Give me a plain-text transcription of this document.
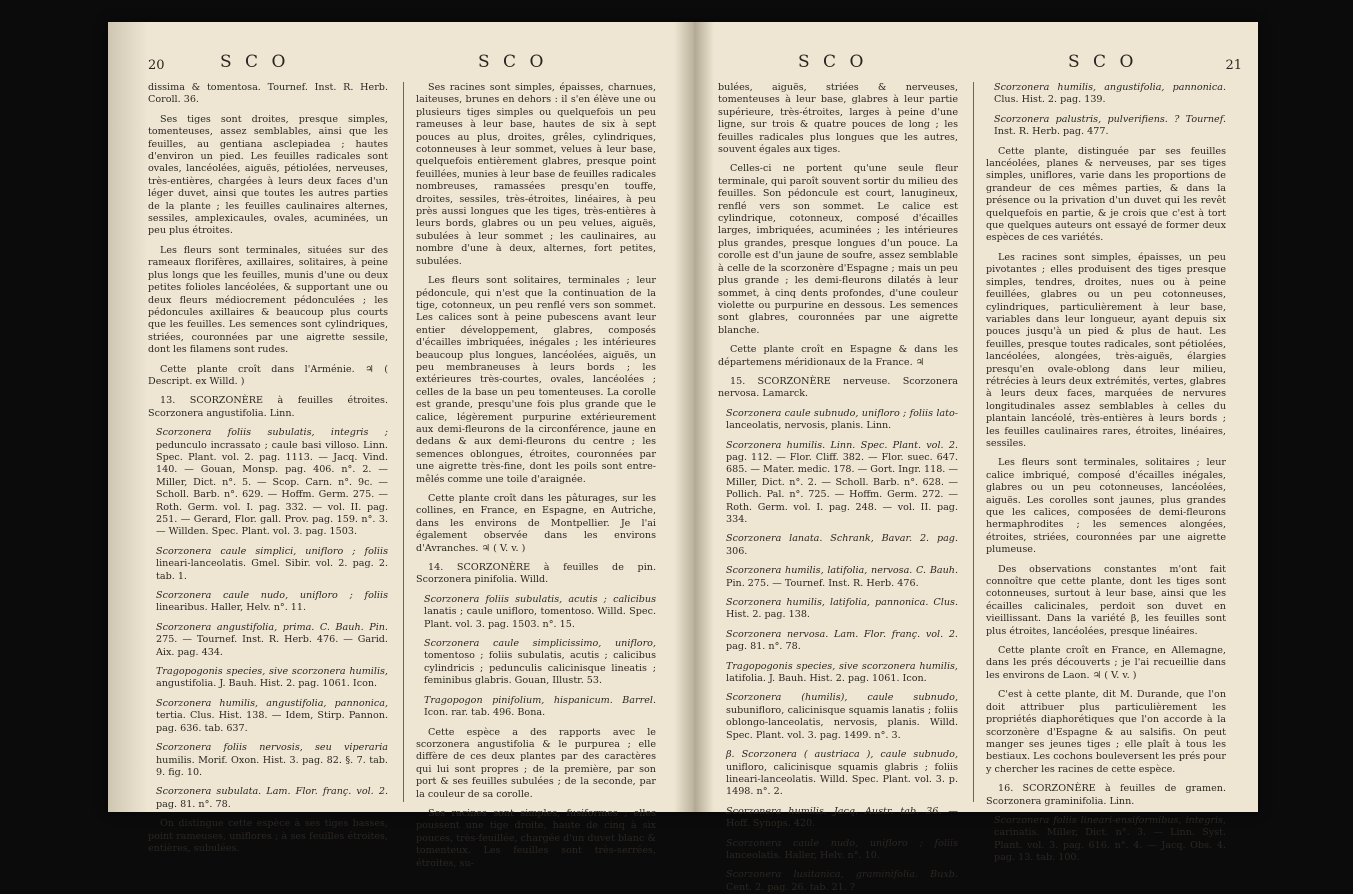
20	S C O	S C O

dissima & tomentosa. Tournef. Inst. R. Herb. Coroll. 36.

Ses tiges sont droites, presque simples, tomenteuses, assez semblables, ainsi que les feuilles, au gentiana asclepiadea ; hautes d'environ un pied. Les feuilles radicales sont ovales, lancéolées, aiguës, pétiolées, nerveuses, très-entières, chargées à leurs deux faces d'un léger duvet, ainsi que toutes les autres parties de la plante ; les feuilles caulinaires alternes, sessiles, amplexicaules, ovales, acuminées, un peu plus étroites.

Les fleurs sont terminales, situées sur des rameaux florifères, axillaires, solitaires, à peine plus longs que les feuilles, munis d'une ou deux petites folioles lancéolées, & supportant une ou deux fleurs médiocrement pédonculées ; les pédoncules axillaires & beaucoup plus courts que les feuilles. Les semences sont cylindriques, striées, couronnées par une aigrette sessile, dont les filamens sont rudes.

Cette plante croît dans l'Arménie. ♃ ( Descript. ex Willd. )

13. SCORZONÈRE à feuilles étroites. Scorzonera angustifolia. Linn.

Scorzonera foliis subulatis, integris ; pedunculo incrassato ; caule basi villoso. Linn. Spec. Plant. vol. 2. pag. 1113. — Jacq. Vind. 140. — Gouan, Monsp. pag. 406. n°. 2. — Miller, Dict. n°. 5. — Scop. Carn. n°. 9c. — Scholl. Barb. n°. 629. — Hoffm. Germ. 275. — Roth. Germ. vol. I. pag. 332. — vol. II. pag. 251. — Gerard, Flor. gall. Prov. pag. 159. n°. 3. — Willden. Spec. Plant. vol. 3. pag. 1503.

Scorzonera caule simplici, unifloro ; foliis lineari-lanceolatis. Gmel. Sibir. vol. 2. pag. 2. tab. 1.

Scorzonera caule nudo, unifloro ; foliis linearibus. Haller, Helv. n°. 11.

Scorzonera angustifolia, prima. C. Bauh. Pin. 275. — Tournef. Inst. R. Herb. 476. — Garid. Aix. pag. 434.

Tragopogonis species, sive scorzonera humilis, angustifolia. J. Bauh. Hist. 2. pag. 1061. Icon.

Scorzonera humilis, angustifolia, pannonica, tertia. Clus. Hist. 138. — Idem, Stirp. Pannon. pag. 636. tab. 637.

Scorzonera foliis nervosis, seu viperaria humilis. Morif. Oxon. Hist. 3. pag. 82. §. 7. tab. 9. fig. 10.

Scorzonera subulata. Lam. Flor. franç. vol. 2. pag. 81. n°. 78.

On distingue cette espèce à ses tiges basses, point rameuses, uniflores ; à ses feuilles étroites, entières, subulées.

Ses racines sont simples, épaisses, charnues, laiteuses, brunes en dehors : il s'en élève une ou plusieurs tiges simples ou quelquefois un peu rameuses à leur base, hautes de six à sept pouces au plus, droites, grêles, cylindriques, cotonneuses à leur sommet, velues à leur base, quelquefois entièrement glabres, presque point feuillées, munies à leur base de feuilles radicales nombreuses, ramassées presqu'en touffe, droites, sessiles, très-étroites, linéaires, à peu près aussi longues que les tiges, très-entières à leurs bords, glabres ou un peu velues, aiguës, subulées à leur sommet ; les caulinaires, au nombre d'une à deux, alternes, fort petites, subulées.

Les fleurs sont solitaires, terminales ; leur pédoncule, qui n'est que la continuation de la tige, cotonneux, un peu renflé vers son sommet. Les calices sont à peine pubescens avant leur entier développement, glabres, composés d'écailles imbriquées, inégales ; les intérieures beaucoup plus longues, lancéolées, aiguës, un peu membraneuses à leurs bords ; les extérieures très-courtes, ovales, lancéolées ; celles de la base un peu tomenteuses. La corolle est grande, presqu'une fois plus grande que le calice, légèrement purpurine extérieurement aux demi-fleurons de la circonférence, jaune en dedans & aux demi-fleurons du centre ; les semences oblongues, étroites, couronnées par une aigrette très-fine, dont les poils sont entre-mêlés comme une toile d'araignée.

Cette plante croît dans les pâturages, sur les collines, en France, en Espagne, en Autriche, dans les environs de Montpellier. Je l'ai également observée dans les environs d'Avranches. ♃ ( V. v. )

14. SCORZONÈRE à feuilles de pin. Scorzonera pinifolia. Willd.

Scorzonera foliis subulatis, acutis ; calicibus lanatis ; caule unifloro, tomentoso. Willd. Spec. Plant. vol. 3. pag. 1503. n°. 15.

Scorzonera caule simplicissimo, unifloro, tomentoso ; foliis subulatis, acutis ; calicibus cylindricis ; pedunculis calicinisque lineatis ; feminibus glabris. Gouan, Illustr. 53.

Tragopogon pinifolium, hispanicum. Barrel. Icon. rar. tab. 496. Bona.

Cette espèce a des rapports avec le scorzonera angustifolia & le purpurea ; elle diffère de ces deux plantes par des caractères qui lui sont propres ; de la première, par son port & ses feuilles subulées ; de la seconde, par la couleur de sa corolle.

Ses racines sont simples, fusiformes ; elles poussent une tige droite, haute de cinq à six pouces, très-feuillée, chargée d'un duvet blanc & tomenteux. Les feuilles sont très-serrées, étroites, su-

S C O	S C O	21

bulées, aiguës, striées & nerveuses, tomenteuses à leur base, glabres à leur partie supérieure, très-étroites, larges à peine d'une ligne, sur trois & quatre pouces de long ; les feuilles radicales plus longues que les autres, souvent égales aux tiges.

Celles-ci ne portent qu'une seule fleur terminale, qui paroît souvent sortir du milieu des feuilles. Son pédoncule est court, lanugineux, renflé vers son sommet. Le calice est cylindrique, cotonneux, composé d'écailles larges, imbriquées, acuminées ; les intérieures plus grandes, presque longues d'un pouce. La corolle est d'un jaune de soufre, assez semblable à celle de la scorzonère d'Espagne ; mais un peu plus grande ; les demi-fleurons dilatés à leur sommet, à cinq dents profondes, d'une couleur violette ou purpurine en dessous. Les semences sont glabres, couronnées par une aigrette blanche.

Cette plante croît en Espagne & dans les départemens méridionaux de la France. ♃

15. SCORZONÈRE nerveuse. Scorzonera nervosa. Lamarck.

Scorzonera caule subnudo, unifloro ; foliis lato-lanceolatis, nervosis, planis. Linn.

Scorzonera humilis. Linn. Spec. Plant. vol. 2. pag. 112. — Flor. Cliff. 382. — Flor. suec. 647. 685. — Mater. medic. 178. — Gort. Ingr. 118. — Miller, Dict. n°. 2. — Scholl. Barb. n°. 628. — Pollich. Pal. n°. 725. — Hoffm. Germ. 272. — Roth. Germ. vol. I. pag. 248. — vol. II. pag. 334.

Scorzonera lanata. Schrank, Bavar. 2. pag. 306.

Scorzonera humilis, latifolia, nervosa. C. Bauh. Pin. 275. — Tournef. Inst. R. Herb. 476.

Scorzonera humilis, latifolia, pannonica. Clus. Hist. 2. pag. 138.

Scorzonera nervosa. Lam. Flor. franç. vol. 2. pag. 81. n°. 78.

Tragopogonis species, sive scorzonera humilis, latifolia. J. Bauh. Hist. 2. pag. 1061. Icon.

Scorzonera (humilis), caule subnudo, subunifloro, calicinisque squamis lanatis ; foliis oblongo-lanceolatis, nervosis, planis. Willd. Spec. Plant. vol. 3. pag. 1499. n°. 3.

β. Scorzonera ( austriaca ), caule subnudo, unifloro, calicinisque squamis glabris ; foliis lineari-lanceolatis. Willd. Spec. Plant. vol. 3. p. 1498. n°. 2.

Scorzonera humilis. Jacq. Austr. tab. 36. — Hoff. Synops. 420.

Scorzonera caule nudo, unifloro ; foliis lanceolatis. Haller, Helv. n°. 10.

Scorzonera lusitanica, graminifolia. Buxb. Cent. 2. pag. 26. tab. 21. ?

Scorzonera humilis, angustifolia, pannonica. Clus. Hist. 2. pag. 139.

Scorzonera palustris, pulverifiens. ? Tournef. Inst. R. Herb. pag. 477.

Cette plante, distinguée par ses feuilles lancéolées, planes & nerveuses, par ses tiges simples, uniflores, varie dans les proportions de grandeur de ces mêmes parties, & dans la présence ou la privation d'un duvet qui les revêt quelquefois en partie, & je crois que c'est à tort que quelques auteurs ont essayé de former deux espèces de ces variétés.

Les racines sont simples, épaisses, un peu pivotantes ; elles produisent des tiges presque simples, tendres, droites, nues ou à peine feuillées, glabres ou un peu cotonneuses, cylindriques, particulièrement à leur base, variables dans leur longueur, ayant depuis six pouces jusqu'à un pied & plus de haut. Les feuilles, presque toutes radicales, sont pétiolées, lancéolées, alongées, très-aiguës, élargies presqu'en ovale-oblong dans leur milieu, rétrécies à leurs deux extrémités, vertes, glabres à leurs deux faces, marquées de nervures longitudinales assez semblables à celles du plantain lancéolé, très-entières à leurs bords ; les feuilles caulinaires rares, étroites, linéaires, sessiles.

Les fleurs sont terminales, solitaires ; leur calice imbriqué, composé d'écailles inégales, glabres ou un peu cotonneuses, lancéolées, aiguës. Les corolles sont jaunes, plus grandes que les calices, composées de demi-fleurons hermaphrodites ; les semences alongées, étroites, striées, couronnées par une aigrette plumeuse.

Des observations constantes m'ont fait connoître que cette plante, dont les tiges sont cotonneuses, surtout à leur base, ainsi que les écailles calicinales, perdoit son duvet en vieillissant. Dans la variété β, les feuilles sont plus étroites, lancéolées, presque linéaires.

Cette plante croît en France, en Allemagne, dans les prés découverts ; je l'ai recueillie dans les environs de Laon. ♃ ( V. v. )

C'est à cette plante, dit M. Durande, que l'on doit attribuer plus particulièrement les propriétés diaphorétiques que l'on accorde à la scorzonère d'Espagne & au salsifis. On peut manger ses jeunes tiges ; elle plaît à tous les bestiaux. Les cochons bouleversent les prés pour y chercher les racines de cette espèce.

16. SCORZONÈRE à feuilles de gramen. Scorzonera graminifolia. Linn.

Scorzonera foliis lineari-ensiformibus, integris, carinatis. Miller, Dict. n°. 3. — Linn. Syst. Plant. vol. 3. pag. 616. n°. 4. — Jacq. Obs. 4. pag. 13. tab. 100.
